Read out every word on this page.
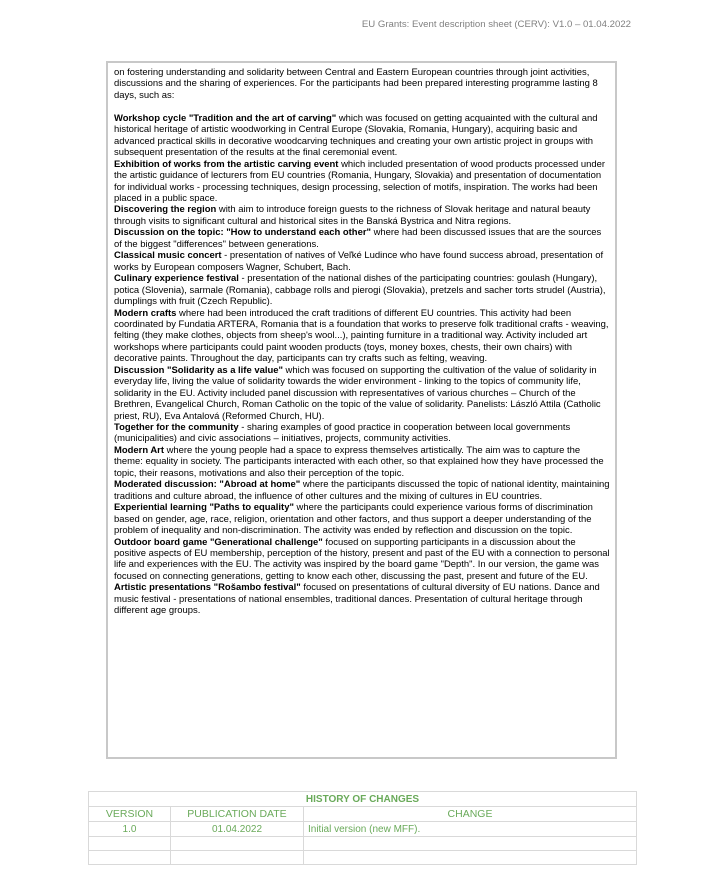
EU Grants: Event description sheet (CERV): V1.0 – 01.04.2022

on fostering understanding and solidarity between Central and Eastern European countries through joint activities, discussions and the sharing of experiences. For the participants had been prepared interesting programme lasting 8 days, such as:

Workshop cycle "Tradition and the art of carving" which was focused on getting acquainted with the cultural and historical heritage of artistic woodworking in Central Europe (Slovakia, Romania, Hungary), acquiring basic and advanced practical skills in decorative woodcarving techniques and creating your own artistic project in groups with subsequent presentation of the results at the final ceremonial event.

Exhibition of works from the artistic carving event which included presentation of wood products processed under the artistic guidance of lecturers from EU countries (Romania, Hungary, Slovakia) and presentation of documentation for individual works - processing techniques, design processing, selection of motifs, inspiration. The works had been placed in a public space.

Discovering the region with aim to introduce foreign guests to the richness of Slovak heritage and natural beauty through visits to significant cultural and historical sites in the Banská Bystrica and Nitra regions.

Discussion on the topic: "How to understand each other" where had been discussed issues that are the sources of the biggest "differences" between generations.

Classical music concert - presentation of natives of Veľké Ludince who have found success abroad, presentation of works by European composers Wagner, Schubert, Bach.

Culinary experience festival - presentation of the national dishes of the participating countries: goulash (Hungary), potica (Slovenia), sarmale (Romania), cabbage rolls and pierogi (Slovakia), pretzels and sacher torts strudel (Austria), dumplings with fruit (Czech Republic).

Modern crafts where had been introduced the craft traditions of different EU countries. This activity had been coordinated by Fundatia ARTERA, Romania that is a foundation that works to preserve folk traditional crafts - weaving, felting (they make clothes, objects from sheep's wool...), painting furniture in a traditional way. Activity included art workshops where participants could paint wooden products (toys, money boxes, chests, their own chairs) with decorative paints. Throughout the day, participants can try crafts such as felting, weaving.

Discussion "Solidarity as a life value" which was focused on supporting the cultivation of the value of solidarity in everyday life, living the value of solidarity towards the wider environment - linking to the topics of community life, solidarity in the EU. Activity included panel discussion with representatives of various churches – Church of the Brethren, Evangelical Church, Roman Catholic on the topic of the value of solidarity. Panelists: László Attila (Catholic priest, RU), Eva Antalová (Reformed Church, HU).

Together for the community - sharing examples of good practice in cooperation between local governments (municipalities) and civic associations – initiatives, projects, community activities.

Modern Art where the young people had a space to express themselves artistically. The aim was to capture the theme: equality in society. The participants interacted with each other, so that explained how they have processed the topic, their reasons, motivations and also their perception of the topic.

Moderated discussion: "Abroad at home" where the participants discussed the topic of national identity, maintaining traditions and culture abroad, the influence of other cultures and the mixing of cultures in EU countries.

Experiential learning "Paths to equality" where the participants could experience various forms of discrimination based on gender, age, race, religion, orientation and other factors, and thus support a deeper understanding of the problem of inequality and non-discrimination. The activity was ended by reflection and discussion on the topic.

Outdoor board game "Generational challenge" focused on supporting participants in a discussion about the positive aspects of EU membership, perception of the history, present and past of the EU with a connection to personal life and experiences with the EU. The activity was inspired by the board game "Depth". In our version, the game was focused on connecting generations, getting to know each other, discussing the past, present and future of the EU.

Artistic presentations "Rošambo festival" focused on presentations of cultural diversity of EU nations. Dance and music festival - presentations of national ensembles, traditional dances. Presentation of cultural heritage through different age groups.

HISTORY OF CHANGES		
VERSION	PUBLICATION DATE	CHANGE
1.0	01.04.2022	Initial version (new MFF).
